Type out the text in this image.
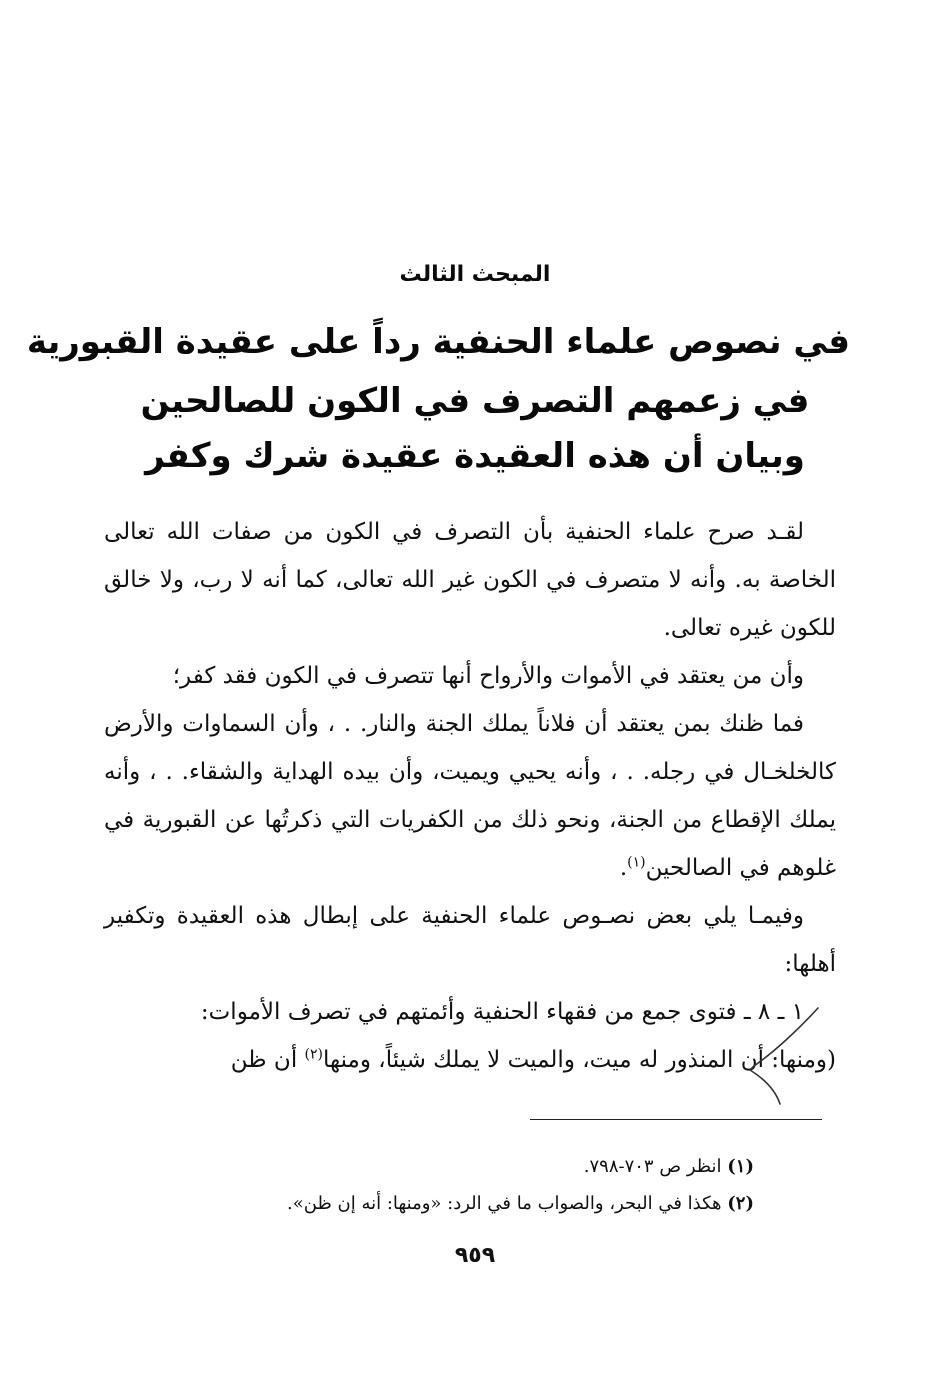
المبحث الثالث
في نصوص علماء الحنفية رداً على عقيدة القبورية
في زعمهم التصرف في الكون للصالحين
وبيان أن هذه العقيدة عقيدة شرك وكفر

لقـد صرح علماء الحنفية بأن التصرف في الكون من صفات الله تعالى الخاصة به. وأنه لا متصرف في الكون غير الله تعالى، كما أنه لا رب، ولا خالق للكون غيره تعالى.

وأن من يعتقد في الأموات والأرواح أنها تتصرف في الكون فقد كفر؛

فما ظنك بمن يعتقد أن فلاناً يملك الجنة والنار. . ، وأن السماوات والأرض كالخلخـال في رجله. . ، وأنه يحيي ويميت، وأن بيده الهداية والشقاء. . ، وأنه يملك الإقطاع من الجنة، ونحو ذلك من الكفريات التي ذكرتُها عن القبورية في غلوهم في الصالحين$^{(١)}$.

وفيمـا يلي بعض نصـوص علماء الحنفية على إبطال هذه العقيدة وتكفير أهلها:

١ ـ ٨ ـ فتوى جمع من فقهاء الحنفية وأئمتهم في تصرف الأموات:

(ومنها: أن المنذور له ميت، والميت لا يملك شيئاً، ومنها$^{(٢)}$ أن ظن

(١) انظر ص ٧٠٣-٧٩٨.

(٢) هكذا في البحر، والصواب ما في الرد: «ومنها: أنه إن ظن».

٩٥٩
